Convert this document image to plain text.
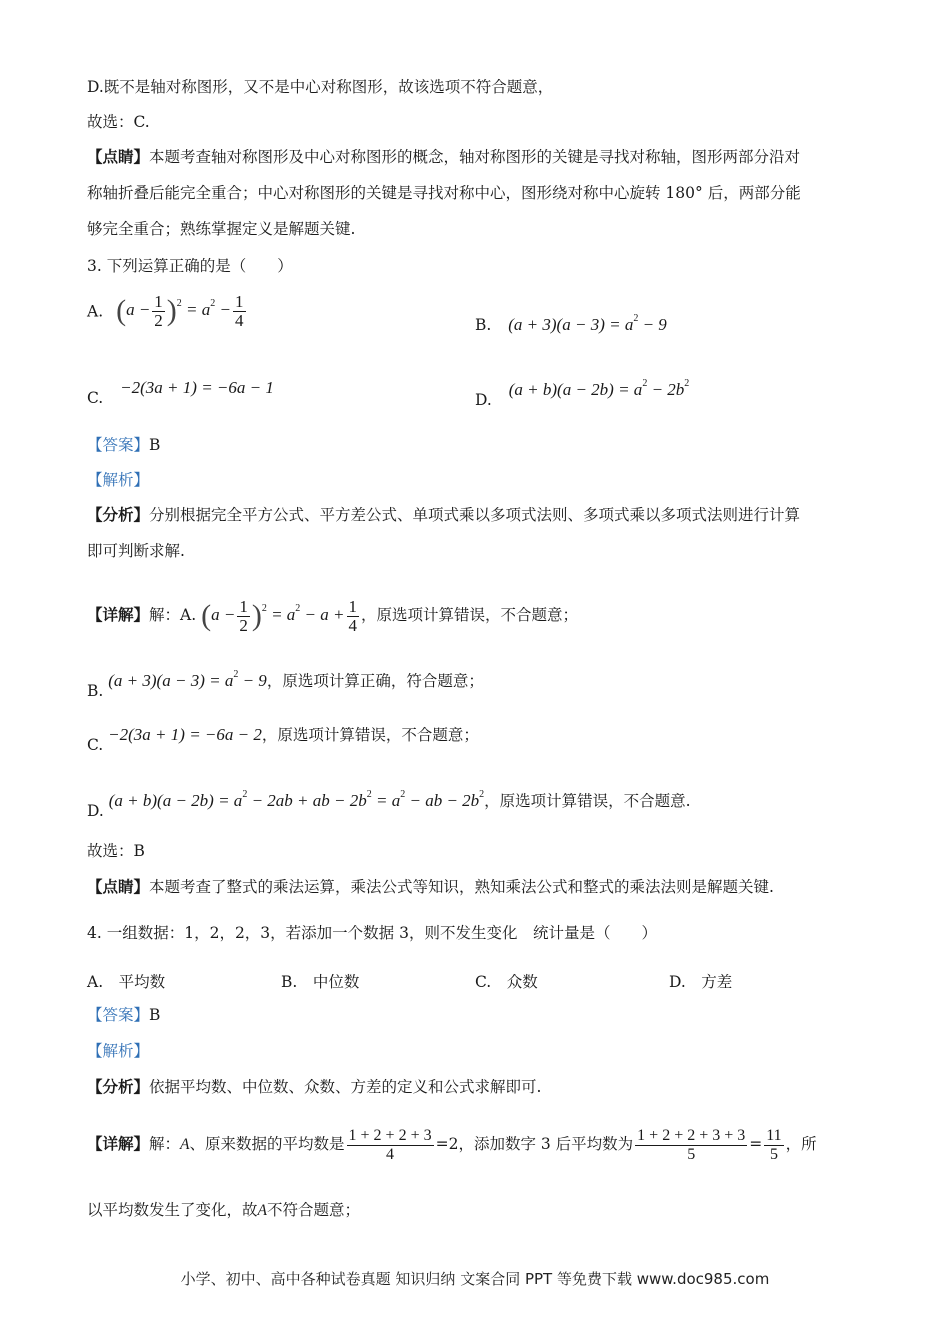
D.既不是轴对称图形，又不是中心对称图形，故该选项不符合题意，
故选：C.
【点睛】本题考查轴对称图形及中心对称图形的概念，轴对称图形的关键是寻找对称轴，图形两部分沿对
称轴折叠后能完全重合；中心对称图形的关键是寻找对称中心，图形绕对称中心旋转 180° 后，两部分能
够完全重合；熟练掌握定义是解题关键.
3. 下列运算正确的是（　　）
A. $(a - \frac{1}{2} )^2 = a^2 - \frac{1}{4}$	B. $(a + 3)(a - 3) = a^2 - 9$
C. −2(3a + 1) = −6a − 1
D. $(a + b)(a - 2b) = a^2 - 2b^2$
【答案】B
【解析】
【分析】分别根据完全平方公式、平方差公式、单项式乘以多项式法则、多项式乘以多项式法则进行计算
即可判断求解.
【详解】解：A. $(a - \frac{1}{2} )^2 = a^2 - a + \frac{1}{4}$ ，原选项计算错误，不合题意；
B. $(a + 3)(a - 3) = a^2 - 9$，原选项计算正确，符合题意；
C. −2(3a + 1) = −6a − 2，原选项计算错误，不合题意；
D. $(a + b)(a - 2b) = a^2 - 2ab$ + ab − $2b^2 = a^2$ − ab − $2b^2$，原选项计算错误，不合题意.
故选：B
【点睛】本题考查了整式的乘法运算，乘法公式等知识，熟知乘法公式和整式的乘法法则是解题关键.
4. 一组数据：1，2，2，3，若添加一个数据 3，则不发生变化　统计量是（　　）
A.　平均数	B.　中位数	C.　众数	D.　方差
【答案】B
【解析】
【分析】依据平均数、中位数、众数、方差的定义和公式求解即可.
【详解】解：A、原来数据的平均数是 $\frac{1 + 2 + 2 + 3}{4} =2$，添加数字 3 后平均数为 $\frac{1 + 2 + 2 + 3 + 3}{5} = \frac{11}{5}$ ，所
以平均数发生了变化，故A不符合题意；
小学、初中、高中各种试卷真题 知识归纳 文案合同 PPT 等免费下载 www.doc985.com
